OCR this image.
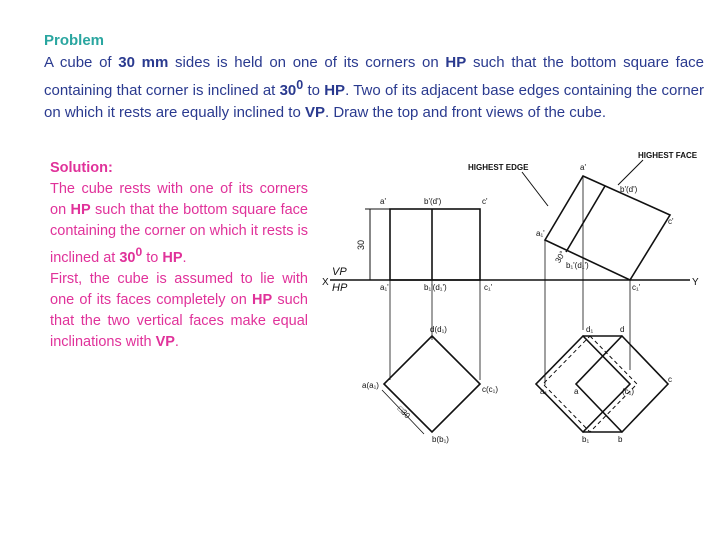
Problem
A cube of 30 mm sides is held on one of its corners on HP such that the bottom square face containing that corner is inclined at $30^0$ to HP. Two of its adjacent base edges containing the corner on which it rests are equally inclined to VP. Draw the top and front views of the cube.
Solution:
The cube rests with one of its corners on HP such that the bottom square face containing the corner on which it rests is inclined at $30^0$ to HP.
First, the cube is assumed to lie with one of its faces completely on HP such that the two vertical faces make equal inclinations with VP.
X	Y
VP
HP
30
a'	b'(d')	c'
a₁'	b₁'(d₁')	c₁'
d(d₁)
a(a₁)	c(c₁)
b(b₁)
□30
HIGHEST EDGE
HIGHEST FACE
a'
b'(d')
c'
a₁'
b₁'(d₁')
c₁'
30°
d₁	d
a₁	a
c
(c₁)
b₁	b
